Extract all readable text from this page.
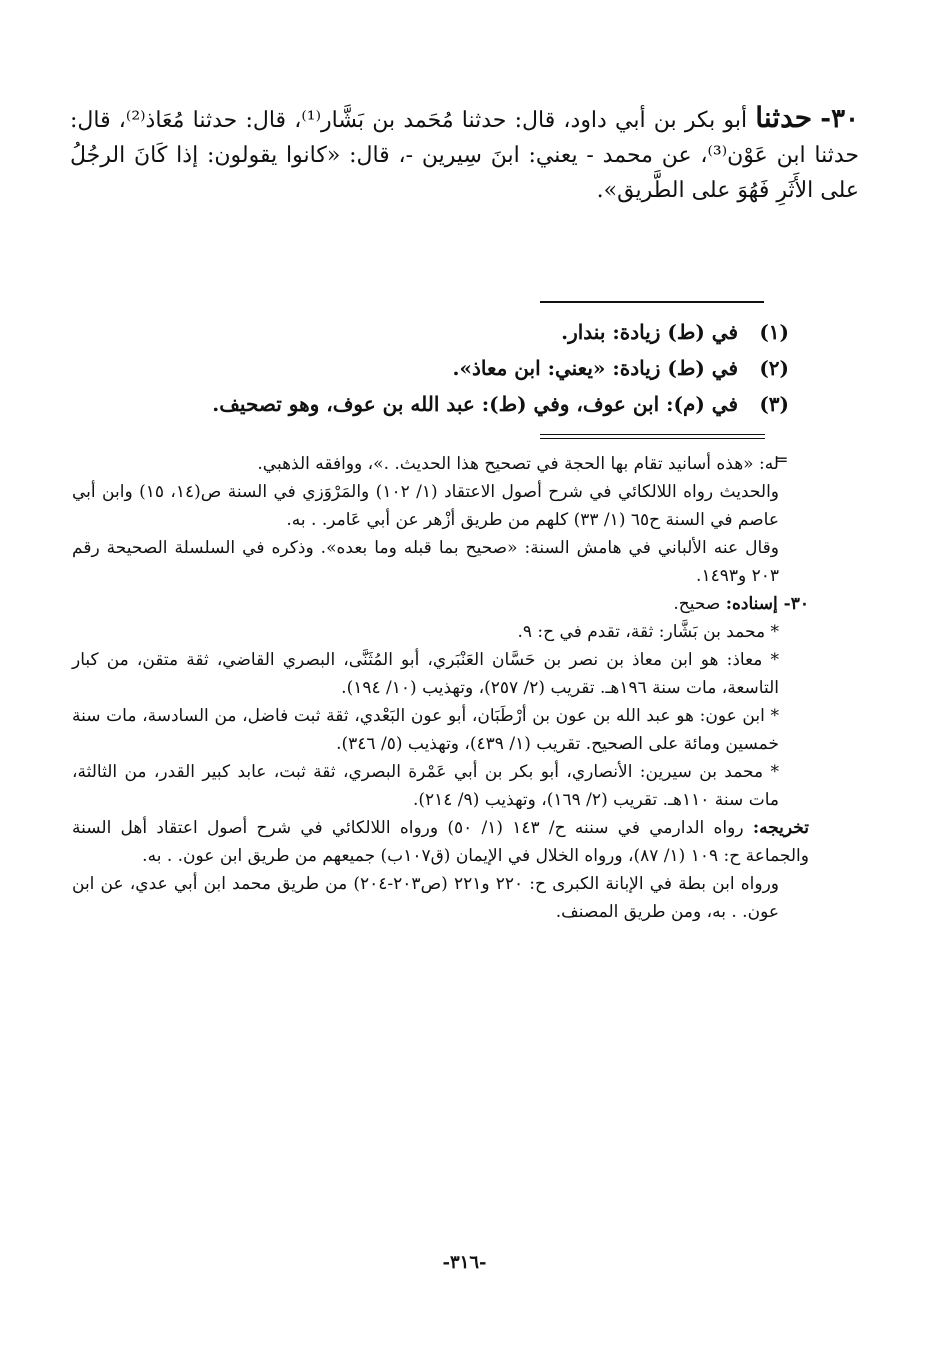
٣٠- حدثنا أبو بكر بن أبي داود، قال: حدثنا مُحَمد بن بَشَّار⁽¹⁾، قال: حدثنا مُعَاذ⁽²⁾، قال: حدثنا ابن عَوْن⁽³⁾، عن محمد - يعني: ابنَ سِيرين -، قال: «كانوا يقولون: إذا كَانَ الرجُلُ على الأَثَرِ فَهُوَ على الطَّريق».

(١) في (ط) زيادة: بندار.

(٢) في (ط) زيادة: «يعني: ابن معاذ».

(٣) في (م): ابن عوف، وفي (ط): عبد الله بن عوف، وهو تصحيف.

=

له: «هذه أسانيد تقام بها الحجة في تصحيح هذا الحديث. .»، ووافقه الذهبي.

والحديث رواه اللالكائي في شرح أصول الاعتقاد (١/ ١٠٢) والمَرْوَزي في السنة ص(١٤، ١٥) وابن أبي عاصم في السنة ح٦٥ (١/ ٣٣) كلهم من طريق أزْهر عن أبي عَامر. . به.

وقال عنه الألباني في هامش السنة: «صحيح بما قبله وما بعده». وذكره في السلسلة الصحيحة رقم ٢٠٣ و١٤٩٣.

٣٠- إسناده: صحيح.

* محمد بن بَشَّار: ثقة، تقدم في ح: ٩.

* معاذ: هو ابن معاذ بن نصر بن حَسَّان العَنْبَري، أبو المُثَنَّى، البصري القاضي، ثقة متقن، من كبار التاسعة، مات سنة ١٩٦هـ. تقريب (٢/ ٢٥٧)، وتهذيب (١٠/ ١٩٤).

* ابن عون: هو عبد الله بن عون بن أرْطَبَان، أبو عون البَعْدي، ثقة ثبت فاضل، من السادسة، مات سنة خمسين ومائة على الصحيح. تقريب (١/ ٤٣٩)، وتهذيب (٥/ ٣٤٦).

* محمد بن سيرين: الأنصاري، أبو بكر بن أبي عَمْرة البصري، ثقة ثبت، عابد كبير القدر، من الثالثة، مات سنة ١١٠هـ. تقريب (٢/ ١٦٩)، وتهذيب (٩/ ٢١٤).

تخريجه: رواه الدارمي في سننه ح/ ١٤٣ (١/ ٥٠) ورواه اللالكائي في شرح أصول اعتقاد أهل السنة والجماعة ح: ١٠٩ (١/ ٨٧)، ورواه الخلال في الإيمان (ق١٠٧ب) جميعهم من طريق ابن عون. . به.

ورواه ابن بطة في الإبانة الكبرى ح: ٢٢٠ و٢٢١ (ص٢٠٣-٢٠٤) من طريق محمد ابن أبي عدي، عن ابن عون. . به، ومن طريق المصنف.

-٣١٦-
